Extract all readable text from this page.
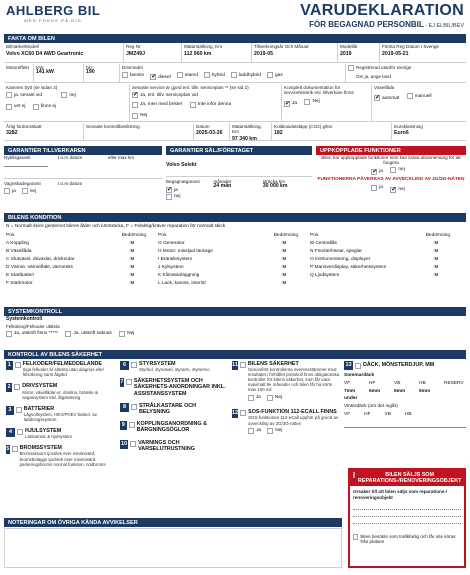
AHLBERG BIL
MED FOKUS PÅ DIG
VARUDEKLARATION
FÖR BEGAGNAD PERSONBIL - EJ ELBIL/BEV
FAKTA OM BILEN
Bilmärke/Modell
Volvo XC60 D4 AWD Geartronic
Reg Nr
JMZ49J
Mätarställning, Km
112 960 km
Tillverkningsår Och Månad
2019-05
Modellår
2019
Första Reg Datum I Sverige
2019-05-21
Motoreffekt	KW
141 kW
hkr
190
Drivmedel
bensin ✔	diesel	etanol	hybrid	laddhybrid	gas
Registrerad utanför sverige
Om ja, ange land
Kamrem bytt (se sidan 2)
ja, senast vid
	nej
vet ej
	finns ej
Senaste service är gjord enl. tillv. serviceplan ** (se sid 2)
✔
Ja, enl. tillv. serviceplan vid
Ja, men med brister
	Inte inför denna
Nej
Komplett dokumentation för servicehistorik enl. tillverkare finns
✔
Ja
	Nej
Växellåda
✔
automat
	manuell
Årlig fordonsskatt
3282
Senaste kontrollbesiktning	Datum
2025-03-26
Mätarställning, Km
97 340 km
Koldioxidutsläpp (CO2) g/km
182
Euroklassning
Euro6
GARANTIER TILLVERKAREN	GARANTIER SÄLJFÖRETAGET	UPPKOPPLADE FUNKTIONER
Nybilsgaranti	t.o.m datum	eller max km
Vagnskadegaranti
ja	nej
t.o.m datum
Volvo Selekt
Begagnatgaranti
✔
ja
nej
månader
24 mån
sträcka km
30 000 km
Bilen har uppkopplade funktioner som kan kräva abonnemang för att fungera
✔
ja
	nej
FUNKTIONERNA PÅVERKAS AV AVVECKLING AV 2G/3G-NÄTEN
ja
✔	nej
BILENS KONDITION
N = Normalt skick gentemot bilens ålder och körsträcka, F = Felaktig/kräver reparation för normalt skick
Pos	Bedömning
A Koppling	N
B Växellåda	N
C Slutväxel, drivaxlar, drivknutar	N
D Värme, värmefläkt, värmesits	N
E Startbatteri	N
F Startmotor	N
Pos	Bedömning
G Generator	N
H Motor: missljud läckage	N
I Bränslesystem	N
J Kylsystem	N
K Klimatanläggning	N
L Lack, kaross, interiör	N
Pos	Bedömning
M Centrallås	N
N Fönsterhissar, speglar	N
O Instrumentering, displayer	N
P Manöverdisplay, säkerhetssystem	N
Q Ljudsystem	N
SYSTEMKONTROLL
Systemkontroll
Felkoking/Felkoder utlästa
Ja, utskrift finns *****
	Ja, utskrift saknas
	Nej
KONTROLL AV BILENS SÄKERHET
1	FELKODER/FELMEDDELANDE
Inga felkoder är släckta utan diagnos eller felsökning samt åtgärd
2 DRIVSYSTEM
Motor, växellåda/-or, drivlina, bränsle & avgassystem inkl. åtgärdering
3	BATTERIER
Lågvoltsystem, HEV/PHEV batteri, av laddningssystem
4	HJULSYSTEM
Länkarmar & hjulsystem
5 BROMSSYSTEM
Bromsskivors tjocklek över minimivärd, bromsbeläggs tjocklek över minimivärd, parkeringsbroms normal funktion, nödbroms
6	STYRSYSTEM
Styrled, styrväxel, styrarm, styrservo
7 SÄKERHETSSYSTEM OCH SÄKERHETS-ANORDNINGAR INKL. ASSISTANSSYSTEM
8	STRÅLKASTARE OCH BELYSNING
9	KOPPLINGSANORDNING & BÄRGNINGSÖGLOR
10 VARNINGS OCH VARSELUTRUSTNING
11 BILENS SÄKERHET
Genomfört kontrollerna överensstämmer med resultatet i förhållet protokoll finns obligatoriska kontroller för bilens säkerhet, som får vara maximalt 9e månader och bilen får ha körts max 100 mil
Ja	Nej
12 SOS-FUNKTION 112-ECALL FINNS
SOS-funktionen 112-eCall upphör på grund av avveckling av 2G/3G-näten
Ja	Nej
13 DÄCK, MÖNSTERDJUP, MM
Sommardäck
VF	HF	VB	HB	RESERV
7mm	5mm	5mm	5mm
under
Vinterdäck (om det ingår)
VF	HF	VB	HB
BILEN SÄLJS SOM REPARATIONS-/RENOVERINGSOBJEKT
Orsaker till att bilen säljs som reparations-/ renoveringsobjekt
Bilen besökte som trafikfarlig och får inte köras från platsen
NOTERINGAR OM ÖVRIGA KÄNDA AVVIKELSER
